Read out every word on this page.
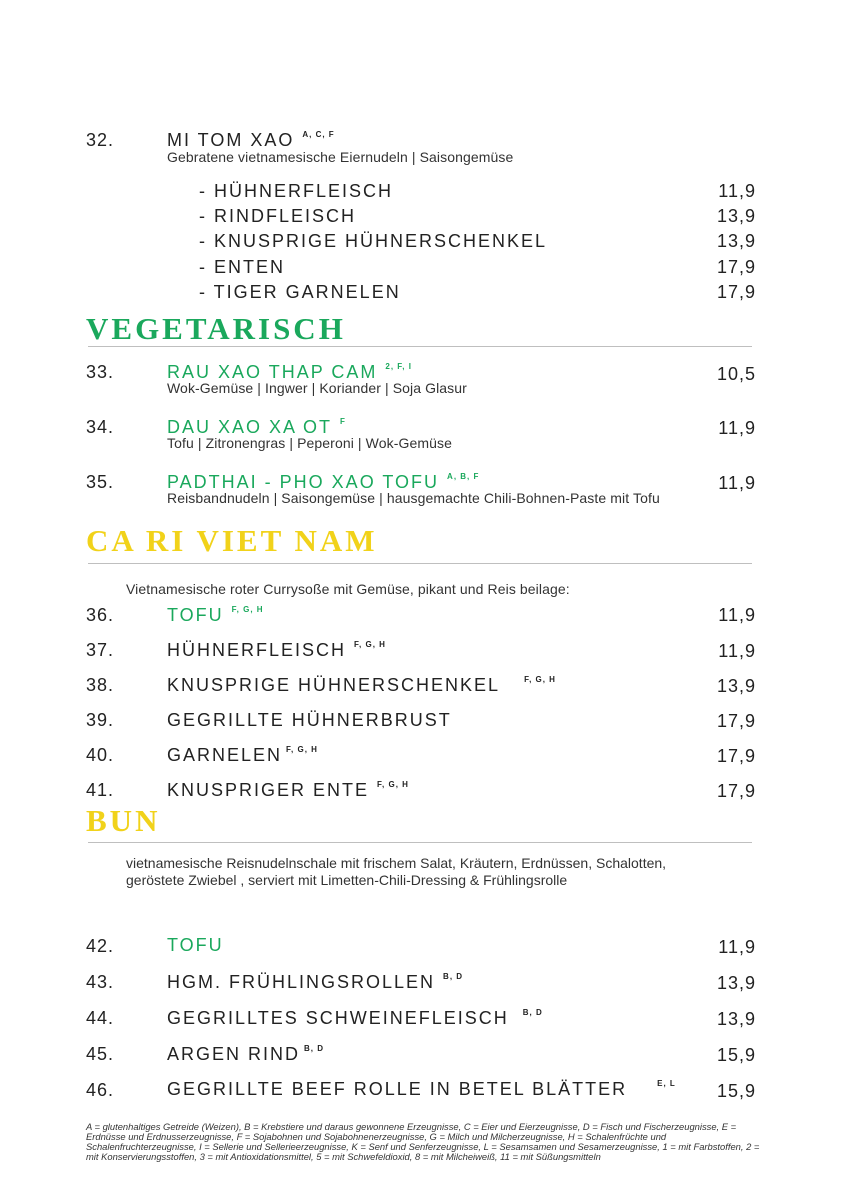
32.	MI TOM XAO $^{A, C, F}$
Gebratene vietnamesische Eiernudeln | Saisongemüse
- HÜHNERFLEISCH	11,9
- RINDFLEISCH	13,9
- KNUSPRIGE HÜHNERSCHENKEL	13,9
- ENTEN	17,9
- TIGER GARNELEN	17,9
VEGETARISCH
33.	RAU XAO THAP CAM $^{2, F, I}$	10,5
Wok-Gemüse | Ingwer | Koriander | Soja Glasur
34.	DAU XAO XA OT $^F$	11,9
Tofu | Zitronengras | Peperoni | Wok-Gemüse
35.	PADTHAI - PHO XAO TOFU $^{A, B, F}$	11,9
Reisbandnudeln | Saisongemüse | hausgemachte Chili-Bohnen-Paste mit Tofu
CA RI VIET NAM
Vietnamesische roter Currysoße mit Gemüse, pikant und Reis beilage:
36.	TOFU $^{F, G, H}$	11,9
37.	HÜHNERFLEISCH $^{F, G, H}$	11,9
38.	KNUSPRIGE HÜHNERSCHENKEL	$^{F, G, H}$	13,9
39.	GEGRILLTE HÜHNERBRUST	17,9
40.	GARNELEN $^{F, G, H}$	17,9
41.	KNUSPRIGER ENTE $^{F, G, H}$	17,9
BUN
vietnamesische Reisnudelnschale mit frischem Salat, Kräutern, Erdnüssen, Schalotten, geröstete Zwiebel , serviert mit Limetten-Chili-Dressing & Frühlingsrolle
42.	TOFU	11,9
43.	HGM. FRÜHLINGSROLLEN $^{B, D}$	13,9
44.	GEGRILLTES SCHWEINEFLEISCH $^{B, D}$	13,9
45.	ARGEN RIND $^{B, D}$	15,9
46.	GEGRILLTE BEEF ROLLE IN BETEL BLÄTTER	$^{E, L}$	15,9
A = glutenhaltiges Getreide (Weizen), B = Krebstiere und daraus gewonnene Erzeugnisse, C = Eier und Eierzeugnisse, D = Fisch und Fischerzeugnisse, E = Erdnüsse und Erdnusserzeugnisse, F = Sojabohnen und Sojabohnenerzeugnisse, G = Milch und Milcherzeugnisse, H = Schalenfrüchte und Schalenfruchterzeugnisse, I = Sellerie und Sellerieerzeugnisse, K = Senf und Senferzeugnisse, L = Sesamsamen und Sesamerzeugnisse, 1 = mit Farbstoffen, 2 = mit Konservierungsstoffen, 3 = mit Antioxidationsmittel, 5 = mit Schwefeldioxid, 8 = mit Milcheiweiß, 11 = mit Süßungsmitteln
